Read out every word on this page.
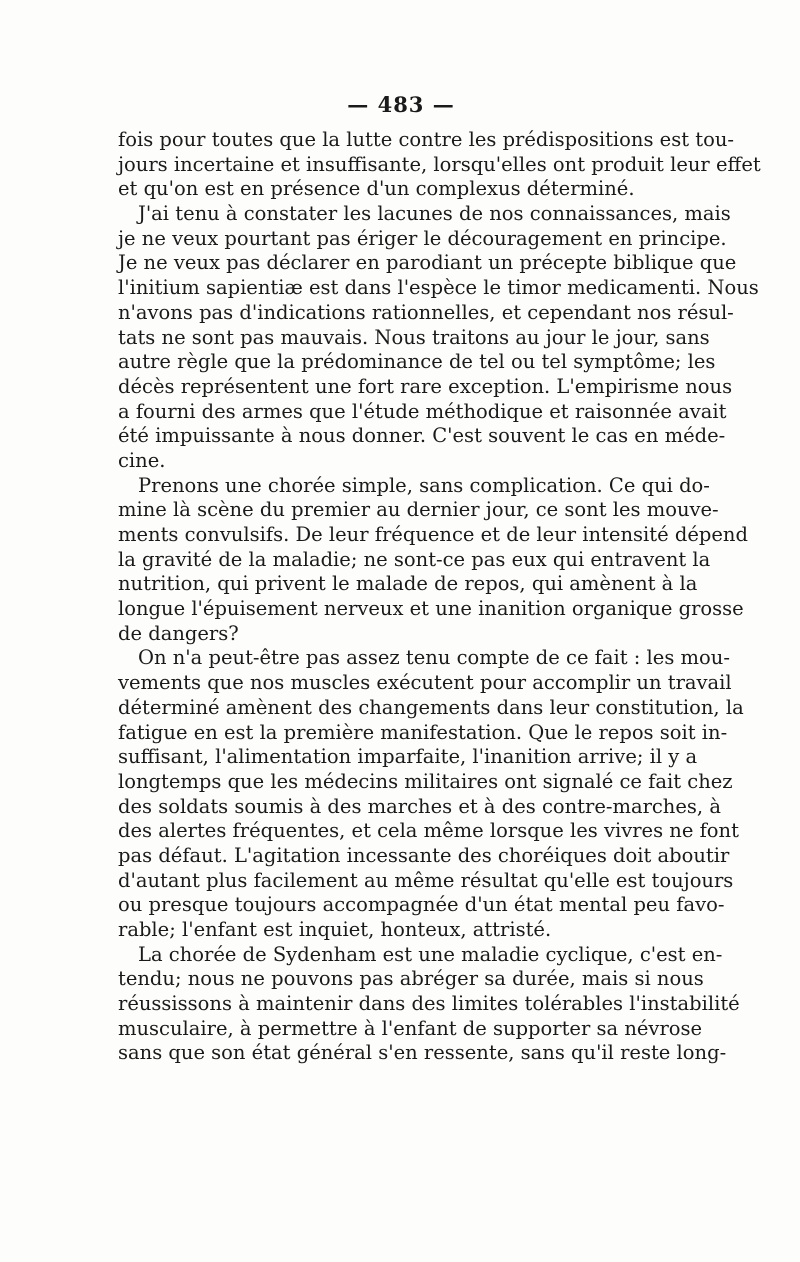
— 483 —
fois pour toutes que la lutte contre les prédispositions est tou-
jours incertaine et insuffisante, lorsqu'elles ont produit leur effet
et qu'on est en présence d'un complexus déterminé.
J'ai tenu à constater les lacunes de nos connaissances, mais
je ne veux pourtant pas ériger le découragement en principe.
Je ne veux pas déclarer en parodiant un précepte biblique que
l'initium sapientiæ est dans l'espèce le timor medicamenti. Nous
n'avons pas d'indications rationnelles, et cependant nos résul-
tats ne sont pas mauvais. Nous traitons au jour le jour, sans
autre règle que la prédominance de tel ou tel symptôme; les
décès représentent une fort rare exception. L'empirisme nous
a fourni des armes que l'étude méthodique et raisonnée avait
été impuissante à nous donner. C'est souvent le cas en méde-
cine.
Prenons une chorée simple, sans complication. Ce qui do-
mine là scène du premier au dernier jour, ce sont les mouve-
ments convulsifs. De leur fréquence et de leur intensité dépend
la gravité de la maladie; ne sont-ce pas eux qui entravent la
nutrition, qui privent le malade de repos, qui amènent à la
longue l'épuisement nerveux et une inanition organique grosse
de dangers?
On n'a peut-être pas assez tenu compte de ce fait : les mou-
vements que nos muscles exécutent pour accomplir un travail
déterminé amènent des changements dans leur constitution, la
fatigue en est la première manifestation. Que le repos soit in-
suffisant, l'alimentation imparfaite, l'inanition arrive; il y a
longtemps que les médecins militaires ont signalé ce fait chez
des soldats soumis à des marches et à des contre-marches, à
des alertes fréquentes, et cela même lorsque les vivres ne font
pas défaut. L'agitation incessante des choréiques doit aboutir
d'autant plus facilement au même résultat qu'elle est toujours
ou presque toujours accompagnée d'un état mental peu favo-
rable; l'enfant est inquiet, honteux, attristé.
La chorée de Sydenham est une maladie cyclique, c'est en-
tendu; nous ne pouvons pas abréger sa durée, mais si nous
réussissons à maintenir dans des limites tolérables l'instabilité
musculaire, à permettre à l'enfant de supporter sa névrose
sans que son état général s'en ressente, sans qu'il reste long-
